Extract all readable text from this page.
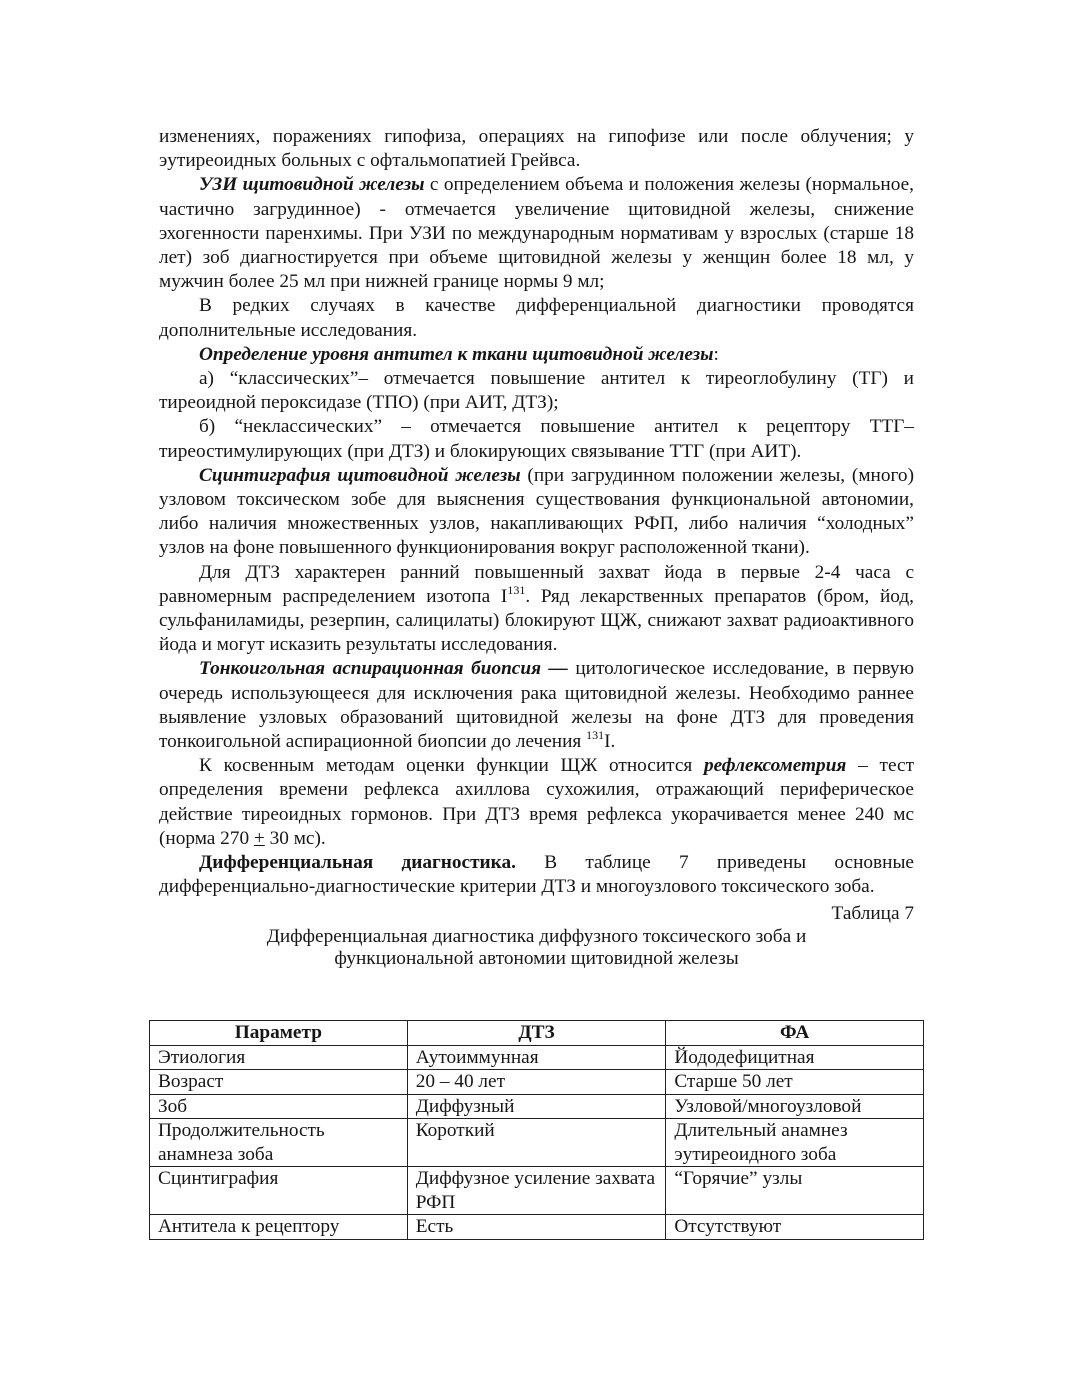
изменениях, поражениях гипофиза, операциях на гипофизе или после облучения; у эутиреоидных больных с офтальмопатией Грейвса.

УЗИ щитовидной железы с определением объема и положения железы (нормальное, частично загрудинное) - отмечается увеличение щитовидной железы, снижение эхогенности паренхимы. При УЗИ по международным нормативам у взрослых (старше 18 лет) зоб диагностируется при объеме щитовидной железы у женщин более 18 мл, у мужчин более 25 мл при нижней границе нормы 9 мл;

В редких случаях в качестве дифференциальной диагностики проводятся дополнительные исследования.

Определение уровня антител к ткани щитовидной железы:

а) “классических”– отмечается повышение антител к тиреоглобулину (ТГ) и тиреоидной пероксидазе (ТПО) (при АИТ, ДТЗ);

б) “неклассических” – отмечается повышение антител к рецептору ТТГ– тиреостимулирующих (при ДТЗ) и блокирующих связывание ТТГ (при АИТ).

Сцинтиграфия щитовидной железы (при загрудинном положении железы, (много) узловом токсическом зобе для выяснения существования функциональной автономии, либо наличия множественных узлов, накапливающих РФП, либо наличия “холодных” узлов на фоне повышенного функционирования вокруг расположенной ткани).

Для ДТЗ характерен ранний повышенный захват йода в первые 2-4 часа с равномерным распределением изотопа $I^{131}$. Ряд лекарственных препаратов (бром, йод, сульфаниламиды, резерпин, салицилаты) блокируют ЩЖ, снижают захват радиоактивного йода и могут исказить результаты исследования.

Тонкоигольная аспирационная биопсия — цитологическое исследование, в первую очередь использующееся для исключения рака щитовидной железы. Необходимо раннее выявление узловых образований щитовидной железы на фоне ДТЗ для проведения тонкоигольной аспирационной биопсии до лечения $^{131}$I.

К косвенным методам оценки функции ЩЖ относится рефлексометрия – тест определения времени рефлекса ахиллова сухожилия, отражающий периферическое действие тиреоидных гормонов. При ДТЗ время рефлекса укорачивается менее 240 мс (норма 270 + 30 мс).

Дифференциальная диагностика. В таблице 7 приведены основные дифференциально-диагностические критерии ДТЗ и многоузлового токсического зоба.

Таблица 7
Дифференциальная диагностика диффузного токсического зоба и
функциональной автономии щитовидной железы
Параметр	ДТЗ	ФА
Этиология	Аутоиммунная	Йододефицитная
Возраст	20 – 40 лет	Старше 50 лет
Зоб	Диффузный	Узловой/многоузловой
Продолжительность анамнеза зоба	Короткий	Длительный анамнез эутиреоидного зоба
Сцинтиграфия	Диффузное усиление захвата РФП	“Горячие” узлы
Антитела к рецептору	Есть	Отсутствуют
